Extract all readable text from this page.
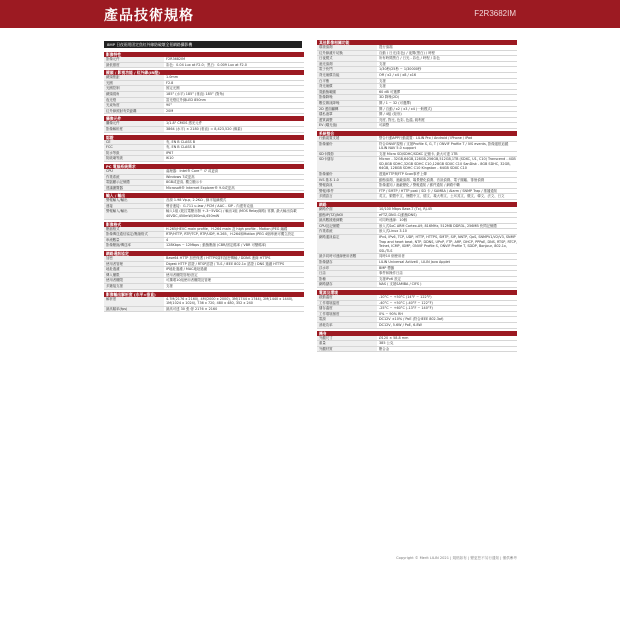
產品技術規格	F2R3682IM
8MP 日夜兩用固定焦紅外線防破壞全景網路攝影機
影像特性
影像元件	F2R3682IM
最低照度	彩色：0.04 Lux at F2.0；黑白：0.009 Lux at F2.0
鏡頭 / 影視功能 / 紅外線(IR燈)
鏡頭焦距	1.0mm
光圈	F2.8
光圈控制	固定光圈
鏡頭視角	185° (水平) 185° (垂直) 185° (對角)
夜光燈	富光燈紅外線LED 850nm
光束角度	90°
紅外線照射有效距離	20M
攝像元件
攝像元件	1/1.8" CMOS 感光元件
影像解析度	3864 (水平) × 2180 (垂直) = 8,423,520 (像素)
認證
CE	有, EN B CLASS B
FCC	有, EN B CLASS B
防水等級	IP67
防破壞等級	IK10
PC 電腦系統需求
CPU	處理器：Intel® Core™ i7 或更高
作業系統	Windows 7或更高
電腦顯示記憶體	8GB或更高, 獨立顯示卡
建議瀏覽器	Microsoft® Internet Explorer® 9.0或更高
輸入 / 輸出
警報輸入/輸出	音源 1.98 Vp-p, 2.2KΩ , 線平接續模式
連接	聲音連接：G.711 u-law / PCM / AAC - SIP - 內建麥克風
警報輸入/輸出	輸入1組 (乾拉電壓亦無 +-3~5VDC) / 輸出1組 (MOS Relay線路) 常開, 最大輸出負載 40VDC,450mW/300mA,450mW
影像格式
壓縮格式	H.265/HEVC main profile、H.264 main 及 high profile - Motion JPEG 編碼
影像傳送通信協定/壓縮格式	RTP/HTTP, RTP/TCP, RTP/UDP, H.265、H.264和Motion JPEG 4個串流可獨立設定
串流數量	4
影像壓縮/傳送率	128Kbps ~ 12Mbps ; 動態壓縮 (CBR/固定碼率 / VBR 可變碼率)
網路通訊協定
加密	Base64 HTTP 加密保護 / HTTPS資料加密傳輸 / DDNS 連線 HTTPS
使用者管理	Digest HTTP 認證 / RTSP認證 / TLS / IEEE 802.1x 認證 / DNS 過濾 HTTPS
地址過濾	IP地址過濾 / MAC地址過濾
傳入權限	使用者權限管理/設定
使用者權限	可擴增10組使用者權限及管理
多鏈接支援	支援
影像輸出解析度 (水平×垂直)
解析度	4.7M(2176 x 2160), 4M(2000 x 2000), 3M(1744 x 1744), 2M(1440 x 1440), 1M(1024 x 1024), 736 x 720, 480 x 480, 352 x 240
最高幀率(fps)	最高可達 30 張 @ 2176 × 2160
其他影像相關功能
環境偵測	提行偵端
紅外線濾片切換	自動 / 日光(彩色) / 夜間(黑白) / 時程
日夜模式	所有時間黑白 / 日光 - 彩色 / 時程 / 彩色
遮光偵測	支援
電子快門	1/30秒/25秒 ~ 1/30000秒
背光補償功能	Off / x2 / x4 / x8 / x16
白平衡	支援
背光補償	支援
寬動態範圍	60 dB 可選擇
影像降噪	3D 降噪(2D)
數位雜訊降噪	開 / 1 ~ 32 (可選擇)
2D 畫面翻轉	開 / 自動 / x2 / x3 / x4 (一般模式)
隱私遮罩	開 / 4組 (矩形)
畫質調整	亮度, 對比, 色彩, 色溫, 銳利度
EV (曝光值)	可調整
系統整合
行動裝置支援	整合行動APP行動裝置：LILIN Pro / Android / iPhone / iPad
影像備份	符合ONVIF規格 / 支援Profile S, G, T / ONVIF Profile T / IVS events, 影像邊框追蹤 LILIN NAV 5.0 support
SD卡錄影	支援 Micro SD/SDHC/SDXC 記憶卡, 最大可達 1TB
SD卡儲存	Micron - 32GB,64GB,128GB,256GB,512GB,1TB (SDXC, U1, C10) Transcend - 4GB SD,8GB SDHC,32GB SDHC C10,128GB SDXC C10 SanDisk - 8GB SDHC, 32GB, 64GB, 128GB SDHC C10 Kingston - 64GB SDXC C10
影像備份	透過HTTP與FTP Scan事件上傳
IVS 基本 1.0	動態偵測、遮蔽偵測、場景變化偵測、音訊偵測、電子圍籬、徘徊偵測
警報資訊	影像通知 / 遮蔽變化 / 警報通知 / 郵件通知 / 網路中斷
警報/事件	FTP / SMTP / HTTP post / SD 卡 / SAMBA / Alarm / SNMP Trap / 推播通知
多國語言	英文、繁體中文、簡體中文、德文、義大利文、土耳其文、俄文、韓文、法文、日文
網路
網路介面	10/100 Mbps Base-T (Tx), RJ-45
動態IP(TZ)/NOI	eFTZ,DNO-C(動態DNS)
最高數據連線數	可同時連線：10個
CPU及記憶體	嵌入式SoC ARM Cortex-A9, 816MHz, 512MB DDR3L, 256MB 快閃記憶體
作業系統	嵌入式Linux 3.10
網路通訊協定	IPv4, IPv6, TCP, UDP, HTTP, HTTPS, SMTP, SIP, NNTP, QoS, SNMPV1/V2/V3, SNMP Trap and heart beat, NTP, DDNS, UPnP, FTP, ARP, DHCP, PPPoE, DNS, RTSP, RTCP, Telnet, ICMP, IGMP, ONVIF Profile S, ONVIF Profile T, SDDP, Bonjour, 802.1x, SSL/TLS
最多同時可連線使用者數	同時10 個使用者
影像儲存	LILIN Universal ActiveX , LILIN Java Applet
浮水印	BMP 標籤
日誌	事件和操作日誌
影種	支援IPv6 設定
網路儲存	NAS ( 支援SAMBA / CIFS )
電源及環境
啟動溫度	-10°C ~ +50°C (14°F ~ 122°F)
工作環境溫度	-40°C ~ +50°C (-40°F ~ 122°F)
儲存溫度	-25°C ~ +60°C (-13°F ~ 140°F)
工作環境濕度	0% ~ 90% RH
電源	DC12V ±10% / PoE (符合IEEE 802.3af)
消耗功率	DC12V, 5.6W / PoE, 6.8W
機身
外觀尺寸	Ø120 × 58.8 mm
重量	385 公克
外觀材質	壓合金
Copyright © Merit LILIN 2021 | 規格如有 | 變更恕不另行通知 | 僅供參考
